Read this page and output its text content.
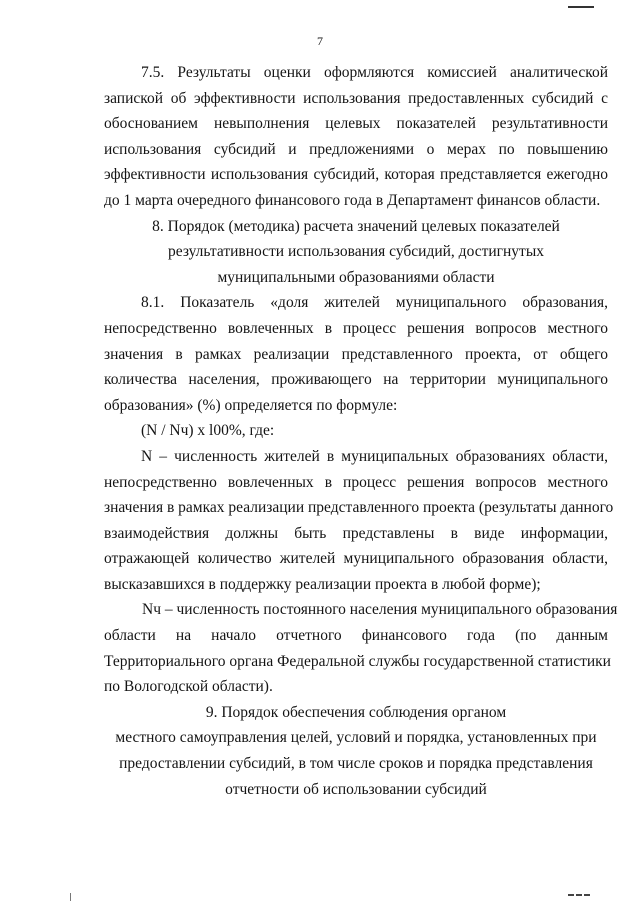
7
7.5. Результаты оценки оформляются комиссией аналитической
запиской об эффективности использования предоставленных субсидий с
обоснованием невыполнения целевых показателей результативности
использования субсидий и предложениями о мерах по повышению
эффективности использования субсидий, которая представляется ежегодно
до 1 марта очередного финансового года в Департамент финансов области.
8. Порядок (методика) расчета значений целевых показателей
результативности использования субсидий, достигнутых
муниципальными образованиями области
8.1. Показатель «доля жителей муниципального образования,
непосредственно вовлеченных в процесс решения вопросов местного
значения в рамках реализации представленного проекта, от общего
количества населения, проживающего на территории муниципального
образования» (%) определяется по формуле:
(N / Nч) x l00%, где:
N – численность жителей в муниципальных образованиях области,
непосредственно вовлеченных в процесс решения вопросов местного
значения в рамках реализации представленного проекта (результаты данного
взаимодействия должны быть представлены в виде информации,
отражающей количество жителей муниципального образования области,
высказавшихся в поддержку реализации проекта в любой форме);
Nч – численность постоянного населения муниципального образования
области на начало отчетного финансового года (по данным
Территориального органа Федеральной службы государственной статистики
по Вологодской области).
9. Порядок обеспечения соблюдения органом
местного самоуправления целей, условий и порядка, установленных при
предоставлении субсидий, в том числе сроков и порядка представления
отчетности об использовании субсидий
